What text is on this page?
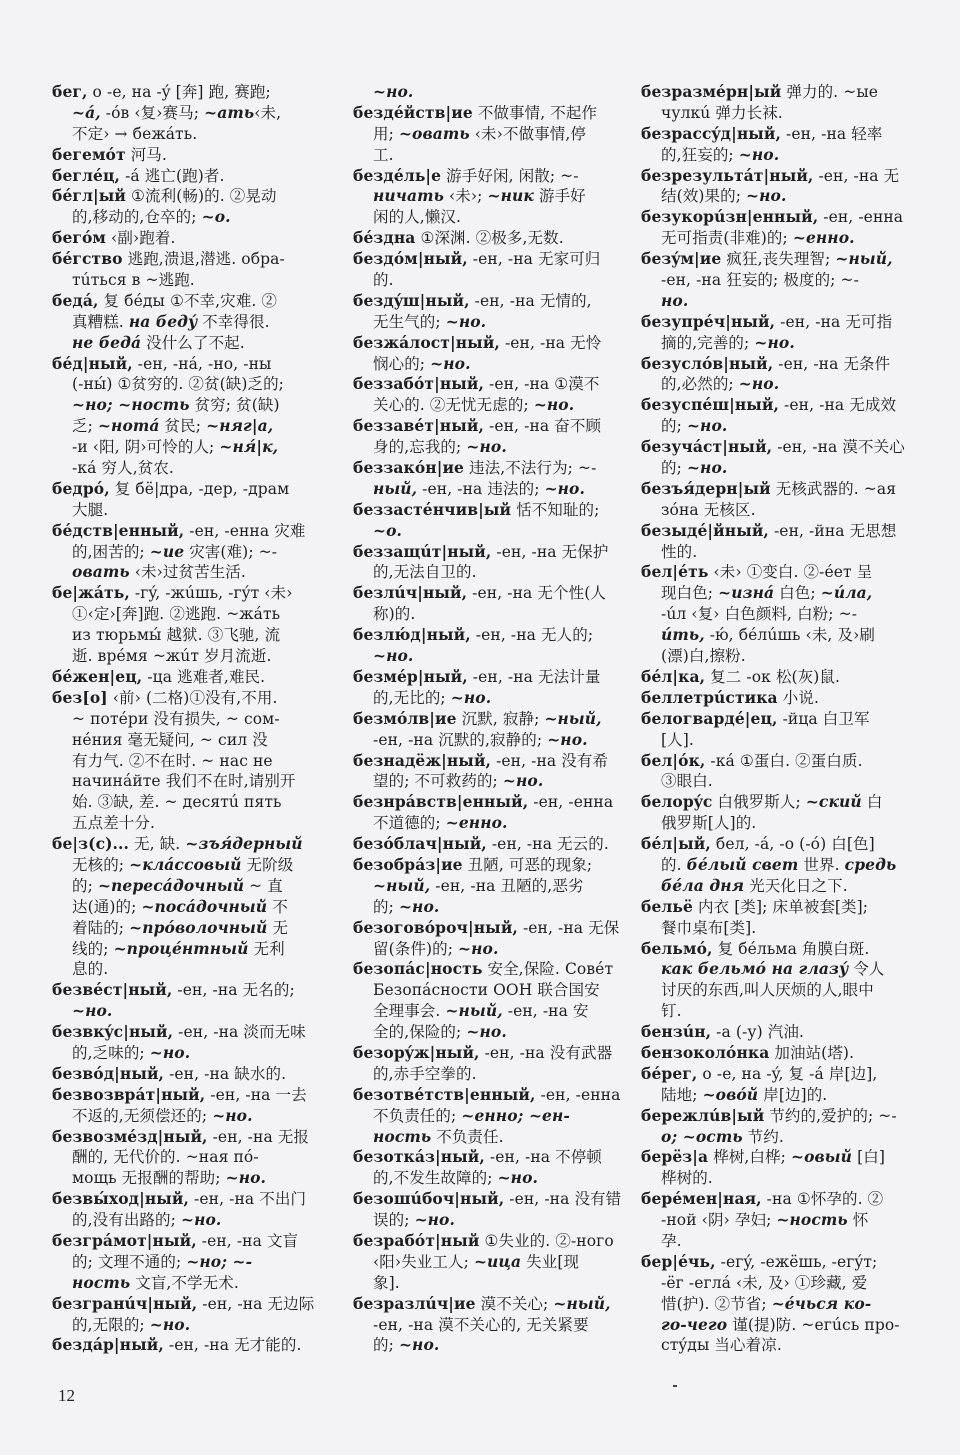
бег, о -е, на -ý [奔] 跑, 赛跑;
~á, -óв ‹复›赛马; ~ать‹未,
不定› → бежáть.
бегемóт 河马.
беглéц, -á 逃亡(跑)者.
бéгл|ый ①流利(畅)的. ②晃动
的,移动的,仓卒的; ~о.
бегóм ‹副›跑着.
бéгство 逃跑,溃退,潜逃. обра-
тúться в ~逃跑.
бедá, 复 бéды ①不幸,灾难. ②
真糟糕. на бедý 不幸得很.
не бедá 没什么了不起.
бéд|ный, -ен, -нá, -но, -ны
(-ны́) ①贫穷的. ②贫(缺)乏的;
~но; ~ность 贫穷; 贫(缺)
乏; ~нотá 贫民; ~няг|а,
-и ‹阳, 阴›可怜的人; ~ня́|к,
-кá 穷人,贫农.
бедрó, 复 бё|дра, -дер, -драм
大腿.
бéдств|енный, -ен, -енна 灾难
的,困苦的; ~ие 灾害(难); ~-
овать ‹未›过贫苦生活.
бе|жáть, -гý, -жúшь, -гýт ‹未›
①‹定›[奔]跑. ②逃跑. ~жáть
из тюрьмы́ 越狱. ③飞驰, 流
逝. врéмя ~жúт 岁月流逝.
бéжен|ец, -ца 逃难者,难民.
без[о] ‹前› (二格)①没有,不用.
~ потéри 没有损失, ~ сом-
нéния 毫无疑问, ~ сил 没
有力气. ②不在时. ~ нас не
начинáйте 我们不在时,请别开
始. ③缺, 差. ~ десятú пять
五点差十分.
бе|з(с)... 无, 缺. ~зъя́дерный
无核的; ~клáссовый 无阶级
的; ~пересáдочный ~ 直
达(通)的; ~посáдочный 不
着陆的; ~прóволочный 无
线的; ~процéнтный 无利
息的.
безвéст|ный, -ен, -на 无名的;
~но.
безвкýс|ный, -ен, -на 淡而无味
的,乏味的; ~но.
безвóд|ный, -ен, -на 缺水的.
безвозврáт|ный, -ен, -на 一去
不返的,无须偿还的; ~но.
безвозмéзд|ный, -ен, -на 无报
酬的, 无代价的. ~ная пó-
мощь 无报酬的帮助; ~но.
безвы́ход|ный, -ен, -на 不出门
的,没有出路的; ~но.
безгрáмот|ный, -ен, -на 文盲
的; 文理不通的; ~но; ~-
ность 文盲,不学无术.
безгранúч|ный, -ен, -на 无边际
的,无限的; ~но.
бездáр|ный, -ен, -на 无才能的.
~но.
бездéйств|ие 不做事情, 不起作
用; ~овать ‹未›不做事情,停
工.
бездéль|е 游手好闲, 闲散; ~-
ничать ‹未›; ~ник 游手好
闲的人,懒汉.
бéздна ①深渊. ②极多,无数.
бездóм|ный, -ен, -на 无家可归
的.
бездýш|ный, -ен, -на 无情的,
无生气的; ~но.
безжáлост|ный, -ен, -на 无怜
悯心的; ~но.
беззабóт|ный, -ен, -на ①漠不
关心的. ②无忧无虑的; ~но.
беззавéт|ный, -ен, -на 奋不顾
身的,忘我的; ~но.
беззакóн|ие 违法,不法行为; ~-
ный, -ен, -на 违法的; ~но.
беззастéнчив|ый 恬不知耻的;
~о.
беззащúт|ный, -ен, -на 无保护
的,无法自卫的.
безлúч|ный, -ен, -на 无个性(人
称)的.
безлю́д|ный, -ен, -на 无人的;
~но.
безмéр|ный, -ен, -на 无法计量
的,无比的; ~но.
безмóлв|ие 沉默, 寂静; ~ный,
-ен, -на 沉默的,寂静的; ~но.
безнадёж|ный, -ен, -на 没有希
望的; 不可救药的; ~но.
безнрáвств|енный, -ен, -енна
不道德的; ~енно.
безóблач|ный, -ен, -на 无云的.
безобрáз|ие 丑陋, 可恶的现象;
~ный, -ен, -на 丑陋的,恶劣
的; ~но.
безоговóроч|ный, -ен, -на 无保
留(条件)的; ~но.
безопáс|ность 安全,保险. Совéт
Безопáсности ООН 联合国安
全理事会. ~ный, -ен, -на 安
全的,保险的; ~но.
безорýж|ный, -ен, -на 没有武器
的,赤手空拳的.
безотвéтств|енный, -ен, -енна
不负责任的; ~енно; ~ен-
ность 不负责任.
безоткáз|ный, -ен, -на 不停顿
的,不发生故障的; ~но.
безошúбоч|ный, -ен, -на 没有错
误的; ~но.
безрабóт|ный ①失业的. ②-ного
‹阳›失业工人; ~ица 失业[现
象].
безразлúч|ие 漠不关心; ~ный,
-ен, -на 漠不关心的, 无关紧要
的; ~но.
безразмéрн|ый 弹力的. ~ые
чулкú 弹力长袜.
безрассýд|ный, -ен, -на 轻率
的,狂妄的; ~но.
безрезультáт|ный, -ен, -на 无
结(效)果的; ~но.
безукорúзн|енный, -ен, -енна
无可指责(非难)的; ~енно.
безýм|ие 疯狂,丧失理智; ~ный,
-ен, -на 狂妄的; 极度的; ~-
но.
безупрéч|ный, -ен, -на 无可指
摘的,完善的; ~но.
безуслóв|ный, -ен, -на 无条件
的,必然的; ~но.
безуспéш|ный, -ен, -на 无成效
的; ~но.
безучáст|ный, -ен, -на 漠不关心
的; ~но.
безъя́дерн|ый 无核武器的. ~ая
зóна 无核区.
безыдé|йный, -ен, -йна 无思想
性的.
бел|éть ‹未› ①变白. ②-éет 呈
现白色; ~изнá 白色; ~úла,
-úл ‹复› 白色颜料, 白粉; ~-
úть, -ю́, бéлúшь ‹未, 及›刷
(漂)白,擦粉.
бéл|ка, 复二 -ок 松(灰)鼠.
беллетрúстика 小说.
белогвардé|ец, -йца 白卫军
[人].
бел|óк, -кá ①蛋白. ②蛋白质.
③眼白.
белорýс 白俄罗斯人; ~ский 白
俄罗斯[人]的.
бéл|ый, бел, -á, -о (-ó) 白[色]
的. бéлый свет 世界. средь
бéла дня 光天化日之下.
бельё 内衣 [类]; 床单被套[类];
餐巾桌布[类].
бельмó, 复 бéльма 角膜白斑.
как бельмó на глазý 令人
讨厌的东西,叫人厌烦的人,眼中
钉.
бензúн, -а (-у) 汽油.
бензоколóнка 加油站(塔).
бéрег, о -е, на -ý, 复 -á 岸[边],
陆地; ~овóй 岸[边]的.
бережлúв|ый 节约的,爱护的; ~-
о; ~ость 节约.
берёз|а 桦树,白桦; ~овый [白]
桦树的.
берéмен|ная, -на ①怀孕的. ②
-ной ‹阴› 孕妇; ~ность 怀
孕.
бер|éчь, -егý, -ежёшь, -егýт;
-ёг -еглá ‹未, 及› ①珍藏, 爱
惜(护). ②节省; ~éчься ко-
го-чего 谨(提)防. ~егúсь про-
стýды 当心着凉.
12
